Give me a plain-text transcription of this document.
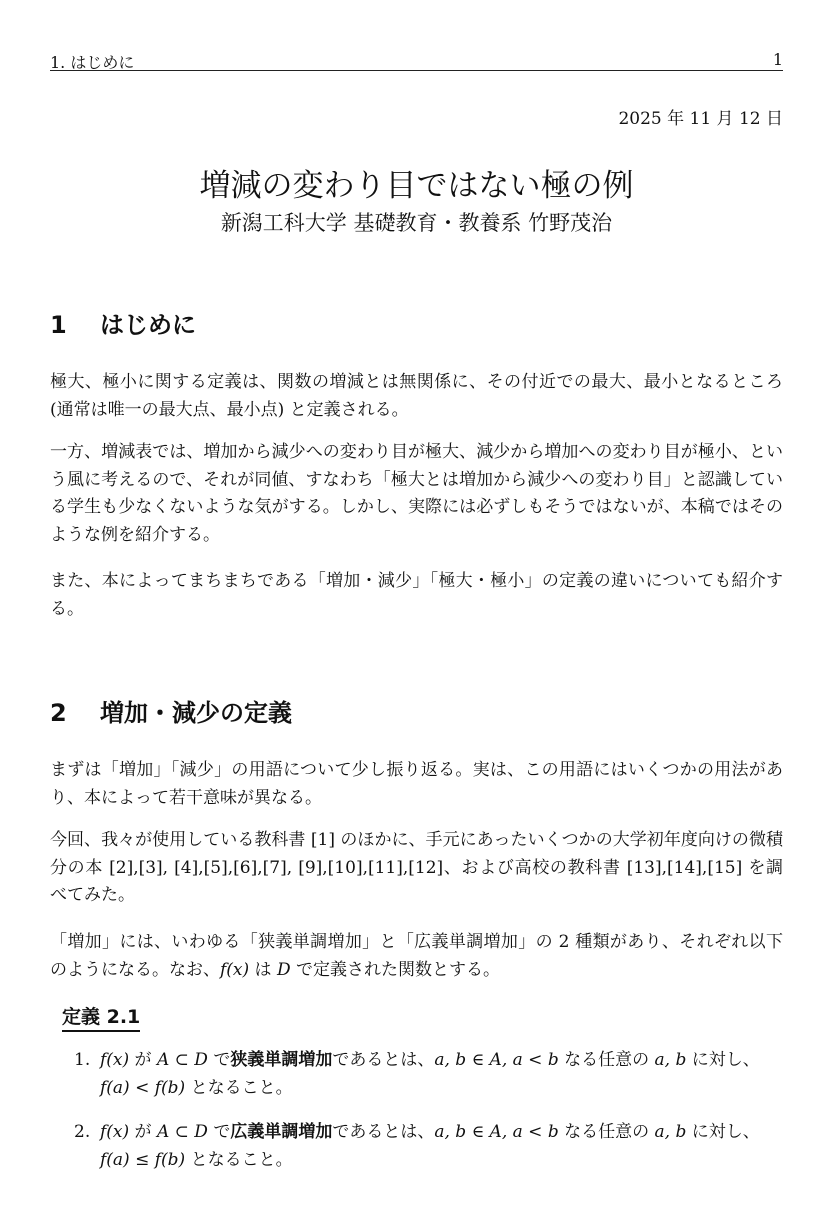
1. はじめに	1
2025 年 11 月 12 日
増減の変わり目ではない極の例
新潟工科大学 基礎教育・教養系 竹野茂治
1 はじめに
極大、極小に関する定義は、関数の増減とは無関係に、その付近での最大、最小となるところ (通常は唯一の最大点、最小点) と定義される。
一方、増減表では、増加から減少への変わり目が極大、減少から増加への変わり目が極小、という風に考えるので、それが同値、すなわち「極大とは増加から減少への変わり目」と認識している学生も少なくないような気がする。しかし、実際には必ずしもそうではないが、本稿ではそのような例を紹介する。
また、本によってまちまちである「増加・減少」「極大・極小」の定義の違いについても紹介する。
2 増加・減少の定義
まずは「増加」「減少」の用語について少し振り返る。実は、この用語にはいくつかの用法があり、本によって若干意味が異なる。
今回、我々が使用している教科書 [1] のほかに、手元にあったいくつかの大学初年度向けの微積分の本 [2],[3], [4],[5],[6],[7], [9],[10],[11],[12]、および高校の教科書 [13],[14],[15] を調べてみた。
「増加」には、いわゆる「狭義単調増加」と「広義単調増加」の 2 種類があり、それぞれ以下のようになる。なお、f(x) は D で定義された関数とする。
定義 2.1
1. f(x) が A ⊂ D で狭義単調増加であるとは、a, b ∈ A, a < b なる任意の a, b に対し、f(a) < f(b) となること。
2. f(x) が A ⊂ D で広義単調増加であるとは、a, b ∈ A, a < b なる任意の a, b に対し、f(a) ≤ f(b) となること。
